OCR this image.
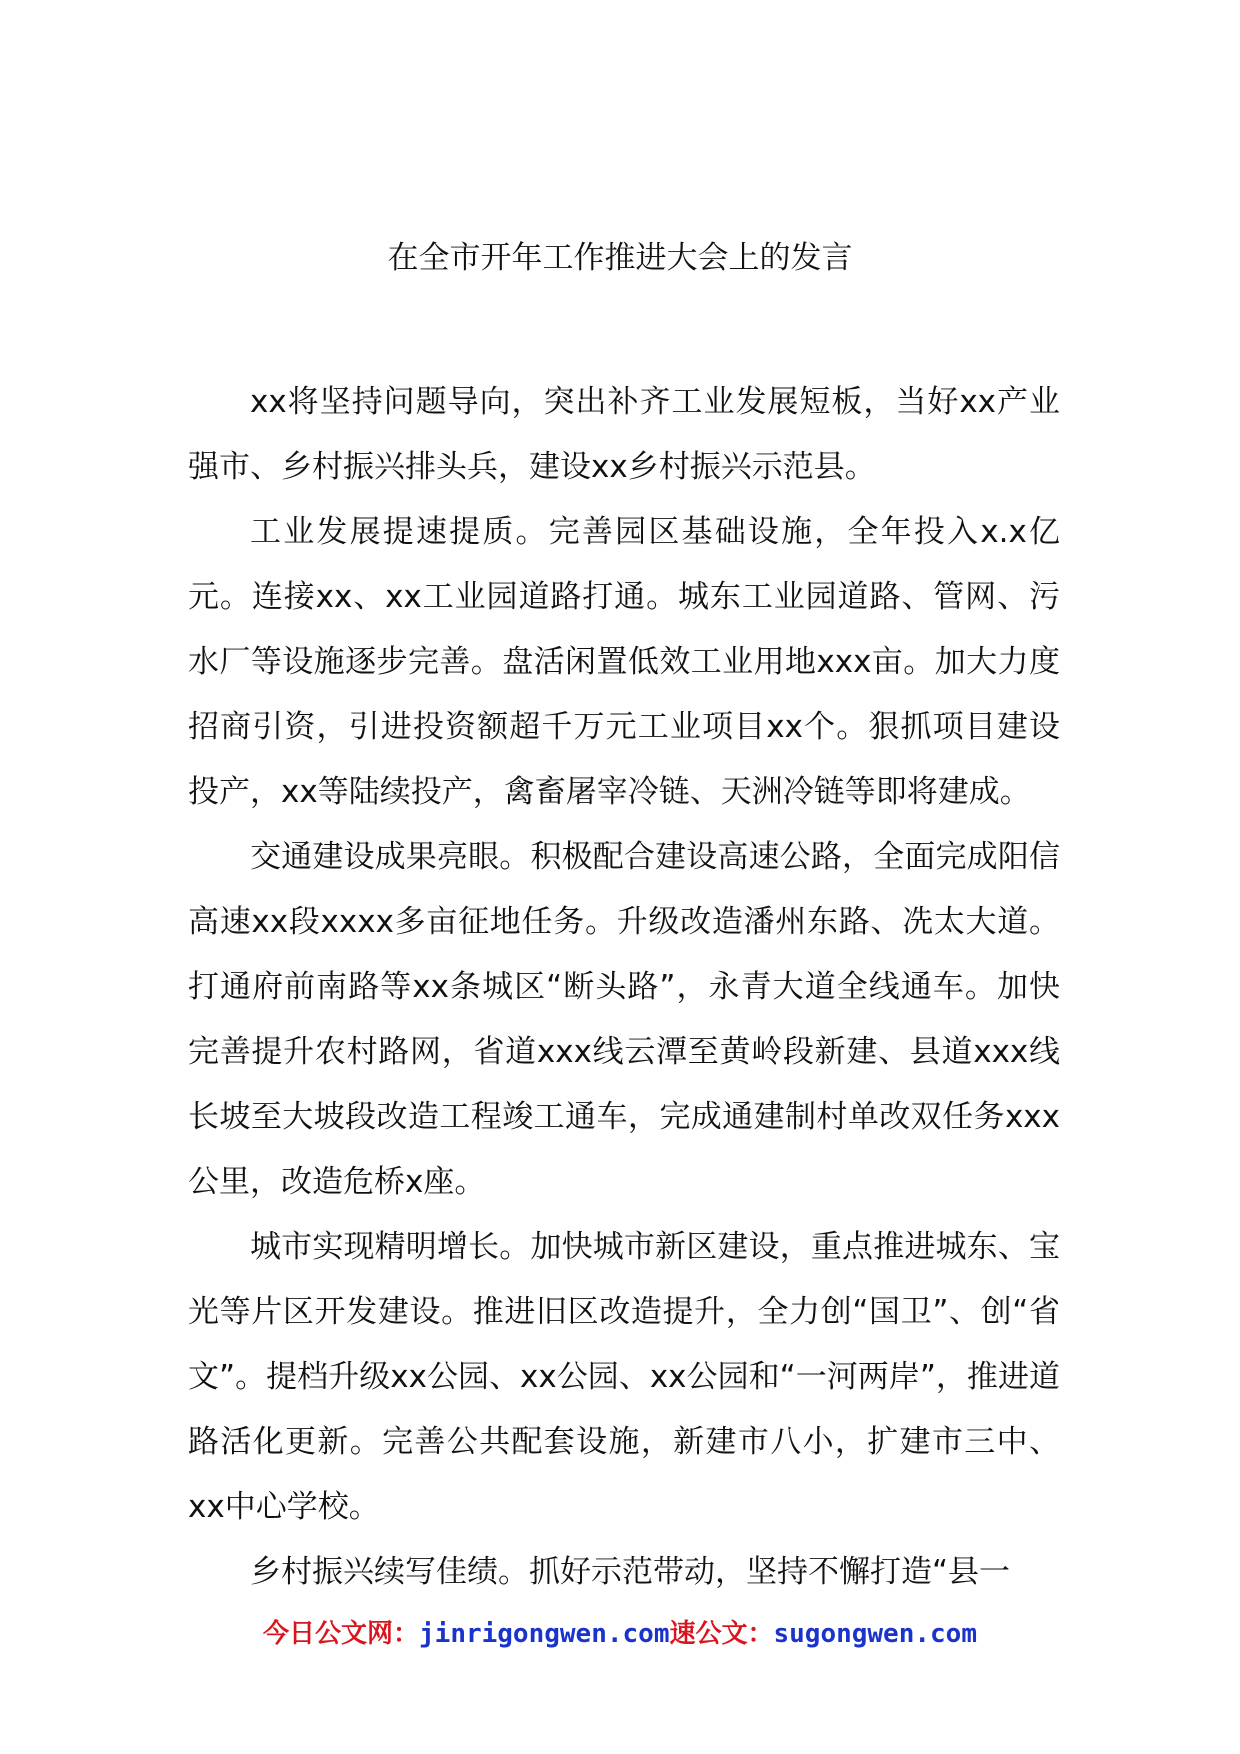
在全市开年工作推进大会上的发言

xx将坚持问题导向，突出补齐工业发展短板，当好xx产业强市、乡村振兴排头兵，建设xx乡村振兴示范县。

工业发展提速提质。完善园区基础设施，全年投入x.x亿元。连接xx、xx工业园道路打通。城东工业园道路、管网、污水厂等设施逐步完善。盘活闲置低效工业用地xxx亩。加大力度招商引资，引进投资额超千万元工业项目xx个。狠抓项目建设投产，xx等陆续投产，禽畜屠宰冷链、天洲冷链等即将建成。

交通建设成果亮眼。积极配合建设高速公路，全面完成阳信高速xx段xxxx多亩征地任务。升级改造潘州东路、冼太大道。打通府前南路等xx条城区“断头路”，永青大道全线通车。加快完善提升农村路网，省道xxx线云潭至黄岭段新建、县道xxx线长坡至大坡段改造工程竣工通车，完成通建制村单改双任务xxx公里，改造危桥x座。

城市实现精明增长。加快城市新区建设，重点推进城东、宝光等片区开发建设。推进旧区改造提升，全力创“国卫”、创“省文”。提档升级xx公园、xx公园、xx公园和“一河两岸”，推进道路活化更新。完善公共配套设施，新建市八小，扩建市三中、xx中心学校。

乡村振兴续写佳绩。抓好示范带动，坚持不懈打造“县一

今日公文网：jinrigongwen.com速公文：sugongwen.com
